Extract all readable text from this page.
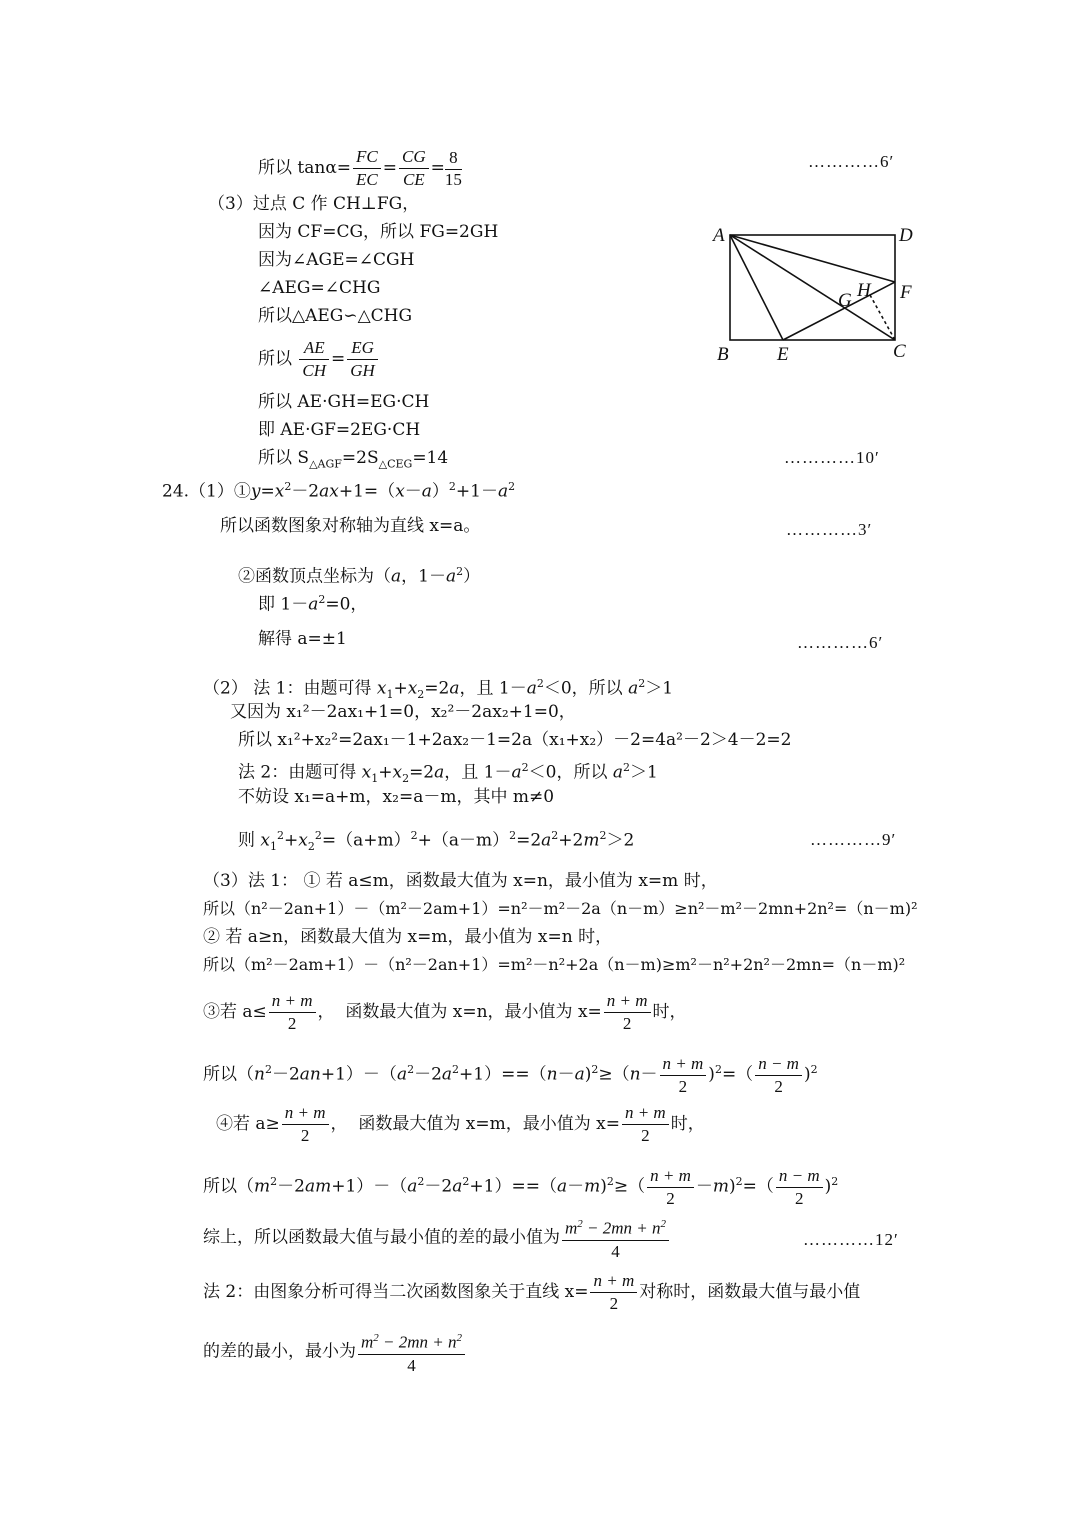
所以 $\tan\alpha= \frac{FC}{EC} = \frac{CG}{CE} = \frac{8}{15}$	…………6′
（3）过点 C 作 CH⊥FG，
因为 CF=CG，所以 FG=2GH
因为∠AGE=∠CGH
∠AEG=∠CHG
所以△AEG∽△CHG
所以 $\frac{AE}{CH} = \frac{EG}{GH}$
所以 AE·GH=EG·CH
即 AE·GF=2EG·CH
所以 $S_{\triangle AGF}=2S_{\triangle CEG}=14$	…………10′
A	D
F
H
G
B	E	C
$24.(1)①y=x^2-2ax+1=(x-a)^2+1-a^2$
所以函数图象对称轴为直线 x=a。	…………3′
②函数顶点坐标为（a，$1-a^2$）
即 $1-a^2=0$，
解得 a=±1	…………6′
（2） 法 1：由题可得 $x_1+x_2=2a$，且 $1-a^2<0$，所以 $a^2>1$
又因为 x₁²－2ax₁+1=0，x₂²－2ax₂+1=0，
所以 x₁²+x₂²=2ax₁－1+2ax₂－1=2a（x₁+x₂）－2=4a²－2＞4－2=2
法 2：由题可得 $x_1+x_2=2a$，且 $1-a^2<0$，所以 $a^2>1$
不妨设 x₁=a+m，x₂=a－m，其中 m≠0
则 $x_1^2+x_2^2=(a+m)^2+(a-m)^2=2a^2+2m^2>2$	…………9′
（3）法 1： ① 若 a≤m，函数最大值为 x=n，最小值为 x=m 时，
所以（n²－2an+1）－（m²－2am+1）=n²－m²－2a（n－m）≥n²－m²－2mn+2n²=（n－m)²
② 若 a≥n，函数最大值为 x=m，最小值为 x=n 时，
所以（m²－2am+1）－（n²－2an+1）=m²－n²+2a（n－m)≥m²－n²+2n²－2mn=（n－m)²
③若 $a\le \frac{n + m}{2}$ ，  函数最大值为 x=n，最小值为 $x= \frac{n + m}{2}$ 时，
所以$(n^2-2an+1)-(a^2-2a^2+1)==(n-a)^2\ge(n- \frac{n + m}{2} )^2=( \frac{n - m}{2} )^2$
④若 $a\ge \frac{n + m}{2}$ ，  函数最大值为 x=m，最小值为 $x= \frac{n + m}{2}$ 时，
所以$(m^2-2am+1)-(a^2-2a^2+1)==(a-m)^2\ge( \frac{n + m}{2} -m)^2=( \frac{n - m}{2} )^2$
综上，所以函数最大值与最小值的差的最小值为 $\frac{m^2 - 2mn + n^2}{4}$	…………12′
法 2：由图象分析可得当二次函数图象关于直线 $x= \frac{n + m}{2}$ 对称时，函数最大值与最小值
的差的最小，最小为 $\frac{m^2 - 2mn + n^2}{4}$
